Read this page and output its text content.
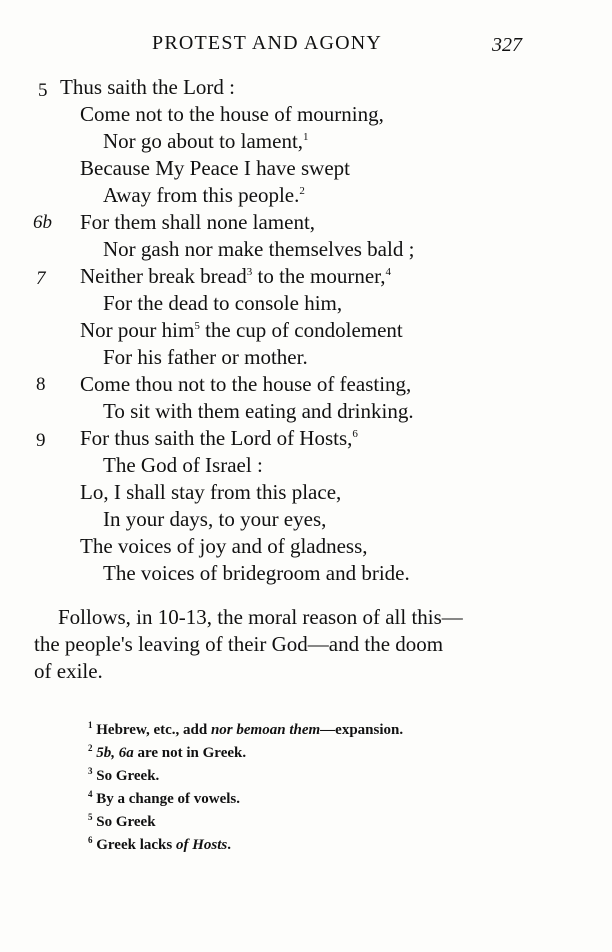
PROTEST AND AGONY	327
5 Thus saith the Lord :
Come not to the house of mourning,
Nor go about to lament,$^1$
Because My Peace I have swept
Away from this people.$^2$
6b For them shall none lament,
Nor gash nor make themselves bald ;
7 Neither break bread$^3$ to the mourner,$^4$
For the dead to console him,
Nor pour him$^5$ the cup of condolement
For his father or mother.
8 Come thou not to the house of feasting,
To sit with them eating and drinking.
9 For thus saith the Lord of Hosts,$^6$
The God of Israel :
Lo, I shall stay from this place,
In your days, to your eyes,
The voices of joy and of gladness,
The voices of bridegroom and bride.
Follows, in 10-13, the moral reason of all this—
the people's leaving of their God—and the doom
of exile.
$^1$ Hebrew, etc., add nor bemoan them—expansion.
$^2$ 5b, 6a are not in Greek.
$^3$ So Greek.
$^4$ By a change of vowels.
$^5$ So Greek
$^6$ Greek lacks of Hosts.
